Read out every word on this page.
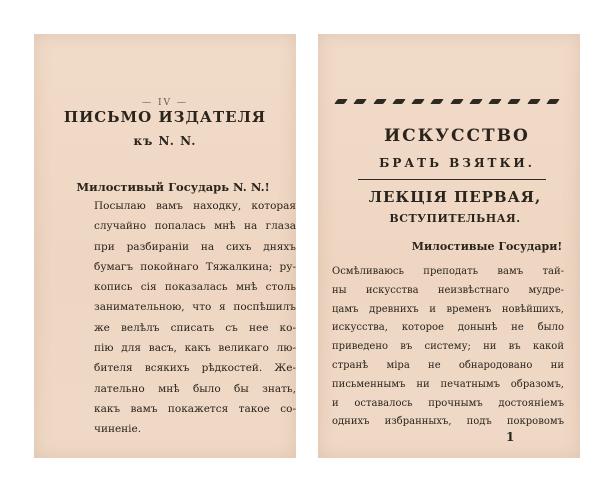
— IV —
ПИСЬМО ИЗДАТЕЛЯ
къ N. N.
Милостивый Государь N. N.!
Посылаю вамъ находку, которая
случайно попалась мнѣ на глаза
при разбиранiи на сихъ дняхъ
бумагъ покойнаго Тяжалкина; ру-
копись сiя показалась мнѣ столь
занимательною, что я поспѣшилъ
же велѣлъ списать съ нее ко-
пiю для васъ, какъ великаго лю-
бителя всякихъ рѣдкостей. Же-
лательно мнѣ было бы знать,
какъ вамъ покажется такое со-
чиненiе.
ИСКУССТВО
БРАТЬ ВЗЯТКИ.
ЛЕКЦIЯ ПЕРВАЯ,
ВСТУПИТЕЛЬНАЯ.
Милостивые Государи!
Осмѣливаюсь преподать вамъ тай-
ны искусства неизвѣстнаго мудре-
цамъ древнихъ и временъ новѣйшихъ,
искусства, которое донынѣ не было
приведено въ систему; ни въ какой
странѣ мiра не обнародовано ни
письменнымъ ни печатнымъ образомъ,
и оставалось прочнымъ достоянiемъ
однихъ избранныхъ, подъ покровомъ
1
